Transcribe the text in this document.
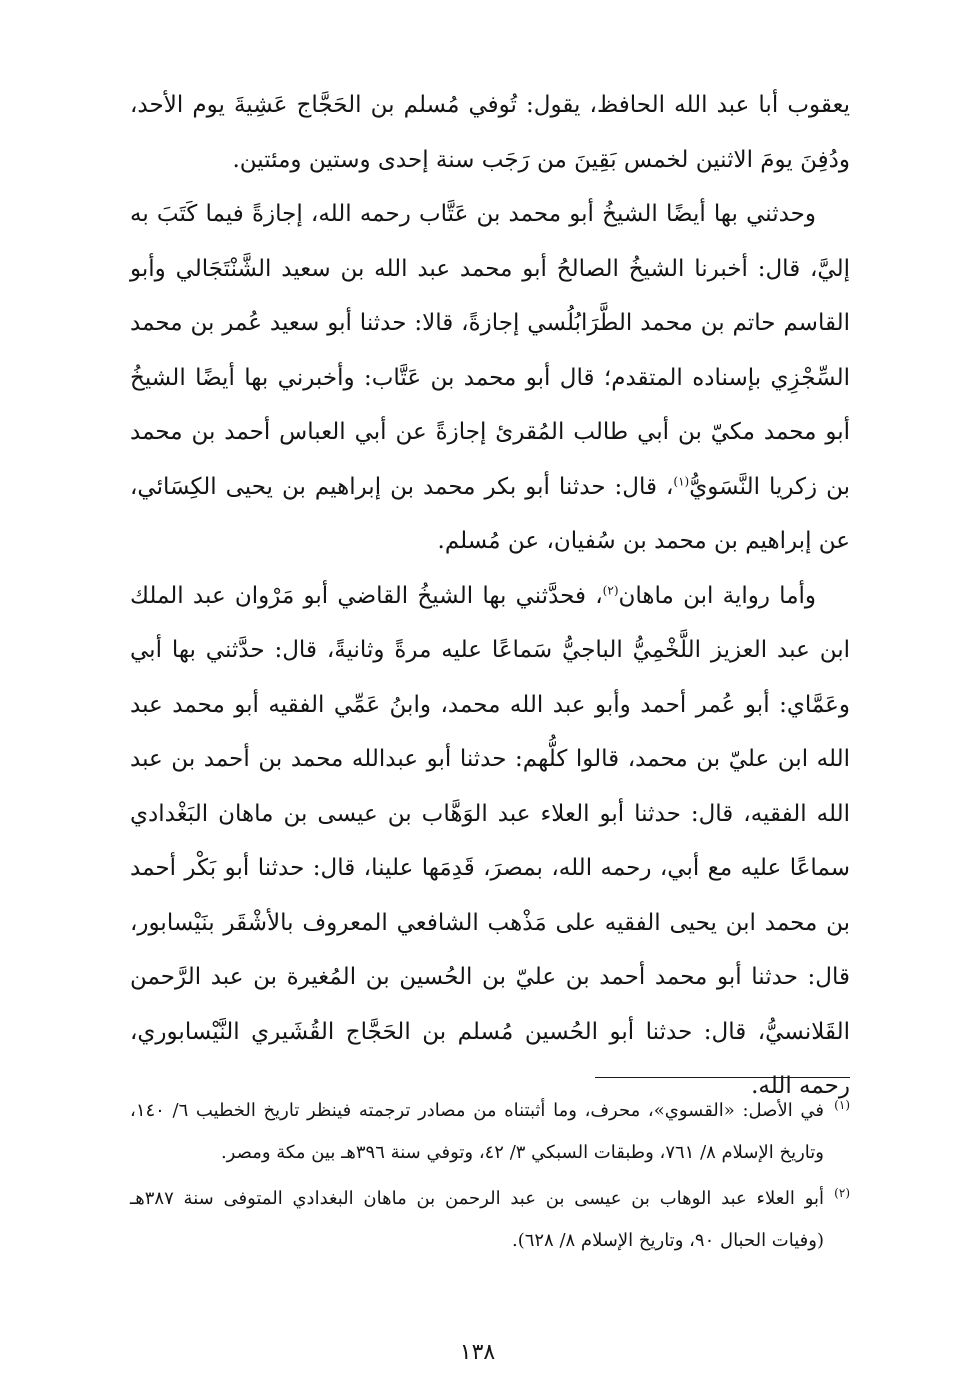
يعقوب أبا عبد الله الحافظ، يقول: تُوفي مُسلم بن الحَجَّاج عَشِيةَ يوم الأحد، ودُفِنَ يومَ الاثنين لخمس بَقِينَ من رَجَب سنة إحدى وستين ومئتين.

وحدثني بها أيضًا الشيخُ أبو محمد بن عَتَّاب رحمه الله، إجازةً فيما كَتَبَ به إليَّ، قال: أخبرنا الشيخُ الصالحُ أبو محمد عبد الله بن سعيد الشَّنْتَجَالي وأبو القاسم حاتم بن محمد الطَّرَابُلُسي إجازةً، قالا: حدثنا أبو سعيد عُمر بن محمد السِّجْزِي بإسناده المتقدم؛ قال أبو محمد بن عَتَّاب: وأخبرني بها أيضًا الشيخُ أبو محمد مكيّ بن أبي طالب المُقرئ إجازةً عن أبي العباس أحمد بن محمد بن زكريا النَّسَويُّ$^{(١)}$، قال: حدثنا أبو بكر محمد بن إبراهيم بن يحيى الكِسَائي، عن إبراهيم بن محمد بن سُفيان، عن مُسلم.

وأما رواية ابن ماهان$^{(٢)}$، فحدَّثني بها الشيخُ القاضي أبو مَرْوان عبد الملك ابن عبد العزيز اللَّخْمِيُّ الباجيُّ سَماعًا عليه مرةً وثانيةً، قال: حدَّثني بها أبي وعَمَّاي: أبو عُمر أحمد وأبو عبد الله محمد، وابنُ عَمِّي الفقيه أبو محمد عبد الله ابن عليّ بن محمد، قالوا كلُّهم: حدثنا أبو عبدالله محمد بن أحمد بن عبد الله الفقيه، قال: حدثنا أبو العلاء عبد الوَهَّاب بن عيسى بن ماهان البَغْدادي سماعًا عليه مع أبي، رحمه الله، بمصرَ، قَدِمَها علينا، قال: حدثنا أبو بَكْر أحمد بن محمد ابن يحيى الفقيه على مَذْهب الشافعي المعروف بالأشْقَر بنَيْسابور، قال: حدثنا أبو محمد أحمد بن عليّ بن الحُسين بن المُغيرة بن عبد الرَّحمن القَلانسيُّ، قال: حدثنا أبو الحُسين مُسلم بن الحَجَّاج القُشَيري النَّيْسابوري، رحمه الله.

(١)
في الأصل: «القسوي»، محرف، وما أثبتناه من مصادر ترجمته فينظر تاريخ الخطيب ٦/ ١٤٠، وتاريخ الإسلام ٨/ ٧٦١، وطبقات السبكي ٣/ ٤٢، وتوفي سنة ٣٩٦هـ بين مكة ومصر.
(٢)
أبو العلاء عبد الوهاب بن عيسى بن عبد الرحمن بن ماهان البغدادي المتوفى سنة ٣٨٧هـ (وفيات الحبال ٩٠، وتاريخ الإسلام ٨/ ٦٢٨).
١٣٨
